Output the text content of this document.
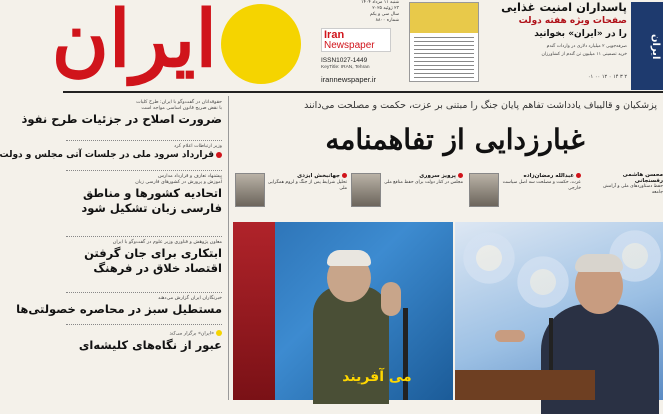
ایران	شنبه ۱۱ مرداد ۱۴۰۴
۲۳ ژوئیه ۲۰۲۵
سال سی و یکم
شماره ۸۸۰۰
Iran
Newspaper
ISSN1027-1449
KeyTitle: IRAN, Tehran
irannewspaper.ir
پاسداران امنیت غذایی
صفحات ویژه هفته دولت
را در «ایران» بخوانید
صرفه‌جویی ۲ میلیارد دلاری در واردات گندم
خرید تضمینی ۱۱ میلیون تن گندم از کشاورزان
۲ ۳ ۱۴ ۰ ۱۲ ۰۰ ۰۱
ایران
حقوقدانان در گفت‌وگو با ایران: طرح کلیات
با نقض صریح قانون اساسی مواجه است
ضرورت اصلاح در جزئیات طرح نفوذ
وزیر ارتباطات اعلام کرد
قرارداد سرود ملی در جلسات آتی مجلس و دولت
پیشنهاد تعارف و قرارداد مدارس
آموزش و پرورش در کشورهای فارسی زبان
اتحادیه کشورها و مناطق
فارسی زبان تشکیل شود
معاون پژوهش و فناوری وزیر علوم در گفت‌وگو با ایران
ابتکاری برای جان گرفتن
اقتصاد خلاق در فرهنگ
خبرنگاران ایران گزارش می‌دهند
مستطیل سبز در محاصره خصولتی‌ها
«ایران» برگزار می‌کند
عبور از نگاه‌های کلیشه‌ای
پزشکیان و قالیباف یادداشت تفاهم پایان جنگ را مبتنی بر عزت، حکمت و مصلحت می‌دانند
غبارزدایی از تفاهمنامه
جهانبخش ایزدی
تحلیل شرایط پس از جنگ و لزوم همگرایی ملی
پرویز سروری
مجلس در کنار دولت برای حفظ منافع ملی
عبدالله رمضان‌زاده
عزت، حکمت و مصلحت سه اصل سیاست خارجی
محسن هاشمی رفسنجانی
حفظ دستاوردهای ملی و آرامش جامعه
می آفریند
